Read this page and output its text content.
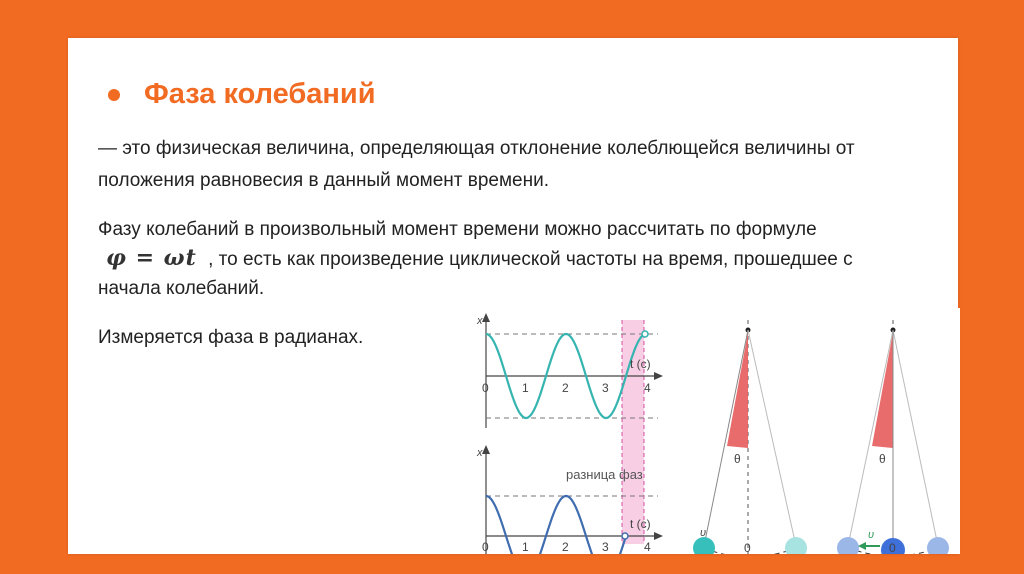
Фаза колебаний
— это физическая величина, определяющая отклонение колеблющейся величины от положения равновесия в данный момент времени.
Фазу колебаний в произвольный момент времени можно рассчитать по формуле φ = ωt , то есть как произведение циклической частоты на время, прошедшее с начала колебаний.
Измеряется фаза в радианах.
x
t (с)
0	1	2	3	4
разница фаз
x
t (с)
0	1	2	3	4
θ
υ
0
θ
υ
0
